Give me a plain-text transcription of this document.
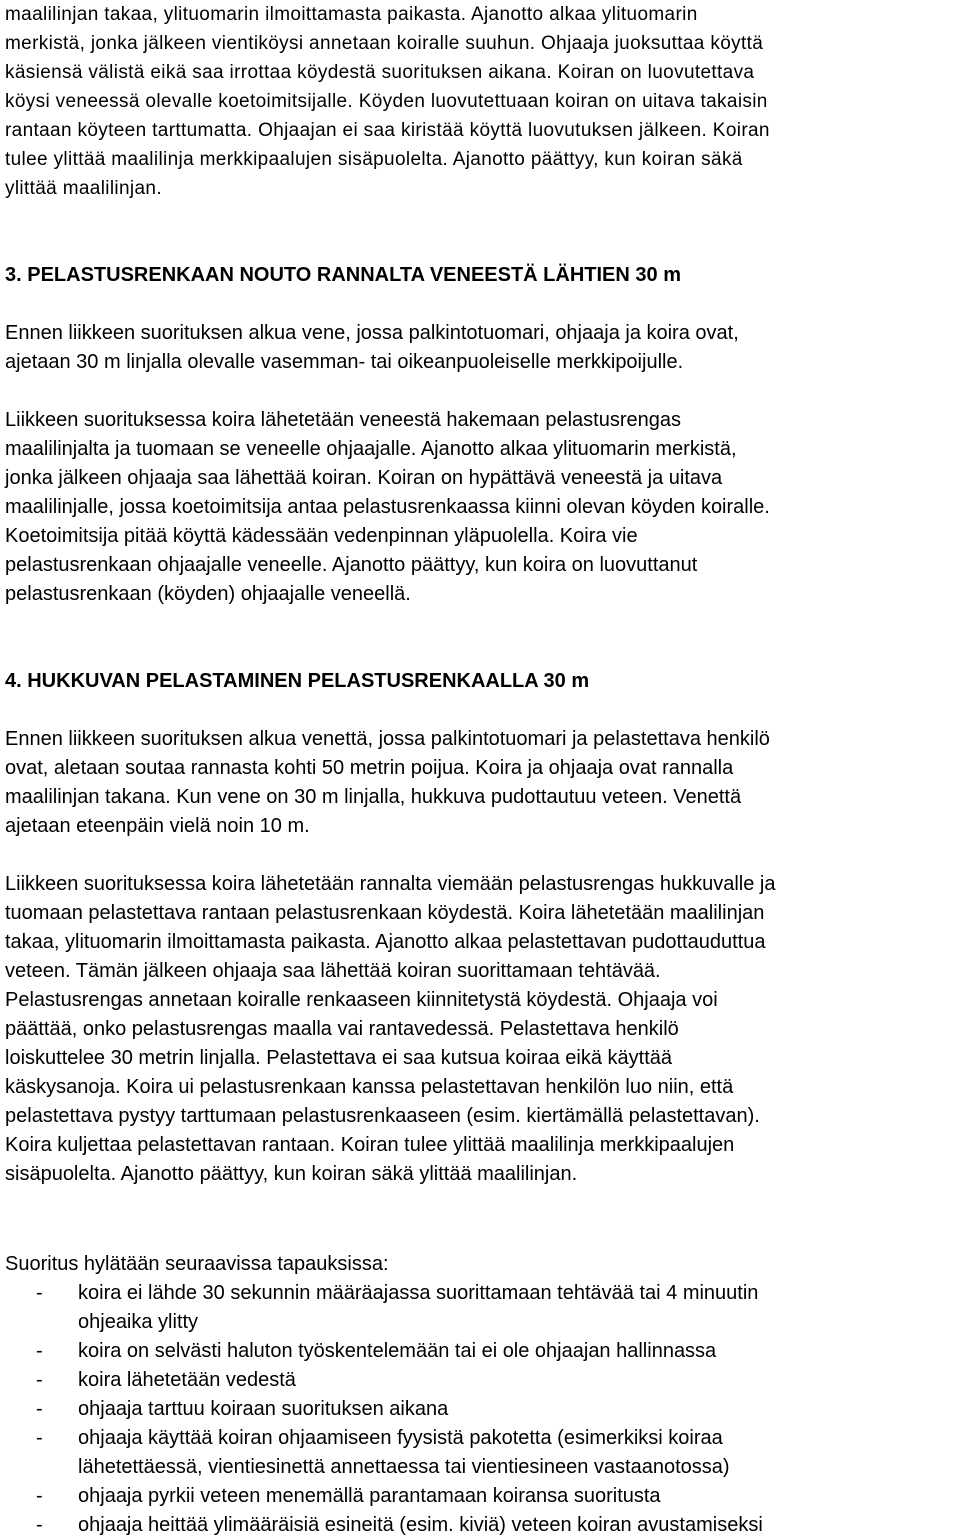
maalilinjan takaa, ylituomarin ilmoittamasta paikasta. Ajanotto alkaa ylituomarin
merkistä, jonka jälkeen vientiköysi annetaan koiralle suuhun. Ohjaaja juoksuttaa köyttä
käsiensä välistä eikä saa irrottaa köydestä suorituksen aikana. Koiran on luovutettava
köysi veneessä olevalle koetoimitsijalle. Köyden luovutettuaan koiran on uitava takaisin
rantaan köyteen tarttumatta. Ohjaajan ei saa kiristää köyttä luovutuksen jälkeen. Koiran
tulee ylittää maalilinja merkkipaalujen sisäpuolelta. Ajanotto päättyy, kun koiran säkä
ylittää maalilinjan.

3. PELASTUSRENKAAN NOUTO RANNALTA VENEESTÄ LÄHTIEN 30 m

Ennen liikkeen suorituksen alkua vene, jossa palkintotuomari, ohjaaja ja koira ovat,
ajetaan 30 m linjalla olevalle vasemman- tai oikeanpuoleiselle merkkipoijulle.

Liikkeen suorituksessa koira lähetetään veneestä hakemaan pelastusrengas
maalilinjalta ja tuomaan se veneelle ohjaajalle. Ajanotto alkaa ylituomarin merkistä,
jonka jälkeen ohjaaja saa lähettää koiran. Koiran on hypättävä veneestä ja uitava
maalilinjalle, jossa koetoimitsija antaa pelastusrenkaassa kiinni olevan köyden koiralle.
Koetoimitsija pitää köyttä kädessään vedenpinnan yläpuolella. Koira vie
pelastusrenkaan ohjaajalle veneelle. Ajanotto päättyy, kun koira on luovuttanut
pelastusrenkaan (köyden) ohjaajalle veneellä.

4. HUKKUVAN PELASTAMINEN PELASTUSRENKAALLA 30 m

Ennen liikkeen suorituksen alkua venettä, jossa palkintotuomari ja pelastettava henkilö
ovat, aletaan soutaa rannasta kohti 50 metrin poijua. Koira ja ohjaaja ovat rannalla
maalilinjan takana. Kun vene on 30 m linjalla, hukkuva pudottautuu veteen. Venettä
ajetaan eteenpäin vielä noin 10 m.

Liikkeen suorituksessa koira lähetetään rannalta viemään pelastusrengas hukkuvalle ja
tuomaan pelastettava rantaan pelastusrenkaan köydestä. Koira lähetetään maalilinjan
takaa, ylituomarin ilmoittamasta paikasta. Ajanotto alkaa pelastettavan pudottauduttua
veteen. Tämän jälkeen ohjaaja saa lähettää koiran suorittamaan tehtävää.
Pelastusrengas annetaan koiralle renkaaseen kiinnitetystä köydestä. Ohjaaja voi
päättää, onko pelastusrengas maalla vai rantavedessä. Pelastettava henkilö
loiskuttelee 30 metrin linjalla. Pelastettava ei saa kutsua koiraa eikä käyttää
käskysanoja. Koira ui pelastusrenkaan kanssa pelastettavan henkilön luo niin, että
pelastettava pystyy tarttumaan pelastusrenkaaseen (esim. kiertämällä pelastettavan).
Koira kuljettaa pelastettavan rantaan. Koiran tulee ylittää maalilinja merkkipaalujen
sisäpuolelta. Ajanotto päättyy, kun koiran säkä ylittää maalilinjan.

Suoritus hylätään seuraavissa tapauksissa:

- koira ei lähde 30 sekunnin määräajassa suorittamaan tehtävää tai 4 minuutin
ohjeaika ylitty
- koira on selvästi haluton työskentelemään tai ei ole ohjaajan hallinnassa
- koira lähetetään vedestä
- ohjaaja tarttuu koiraan suorituksen aikana
- ohjaaja käyttää koiran ohjaamiseen fyysistä pakotetta (esimerkiksi koiraa
lähetettäessä, vientiesinettä annettaessa tai vientiesineen vastaanotossa)
- ohjaaja pyrkii veteen menemällä parantamaan koiransa suoritusta
- ohjaaja heittää ylimääräisiä esineitä (esim. kiviä) veteen koiran avustamiseksi
